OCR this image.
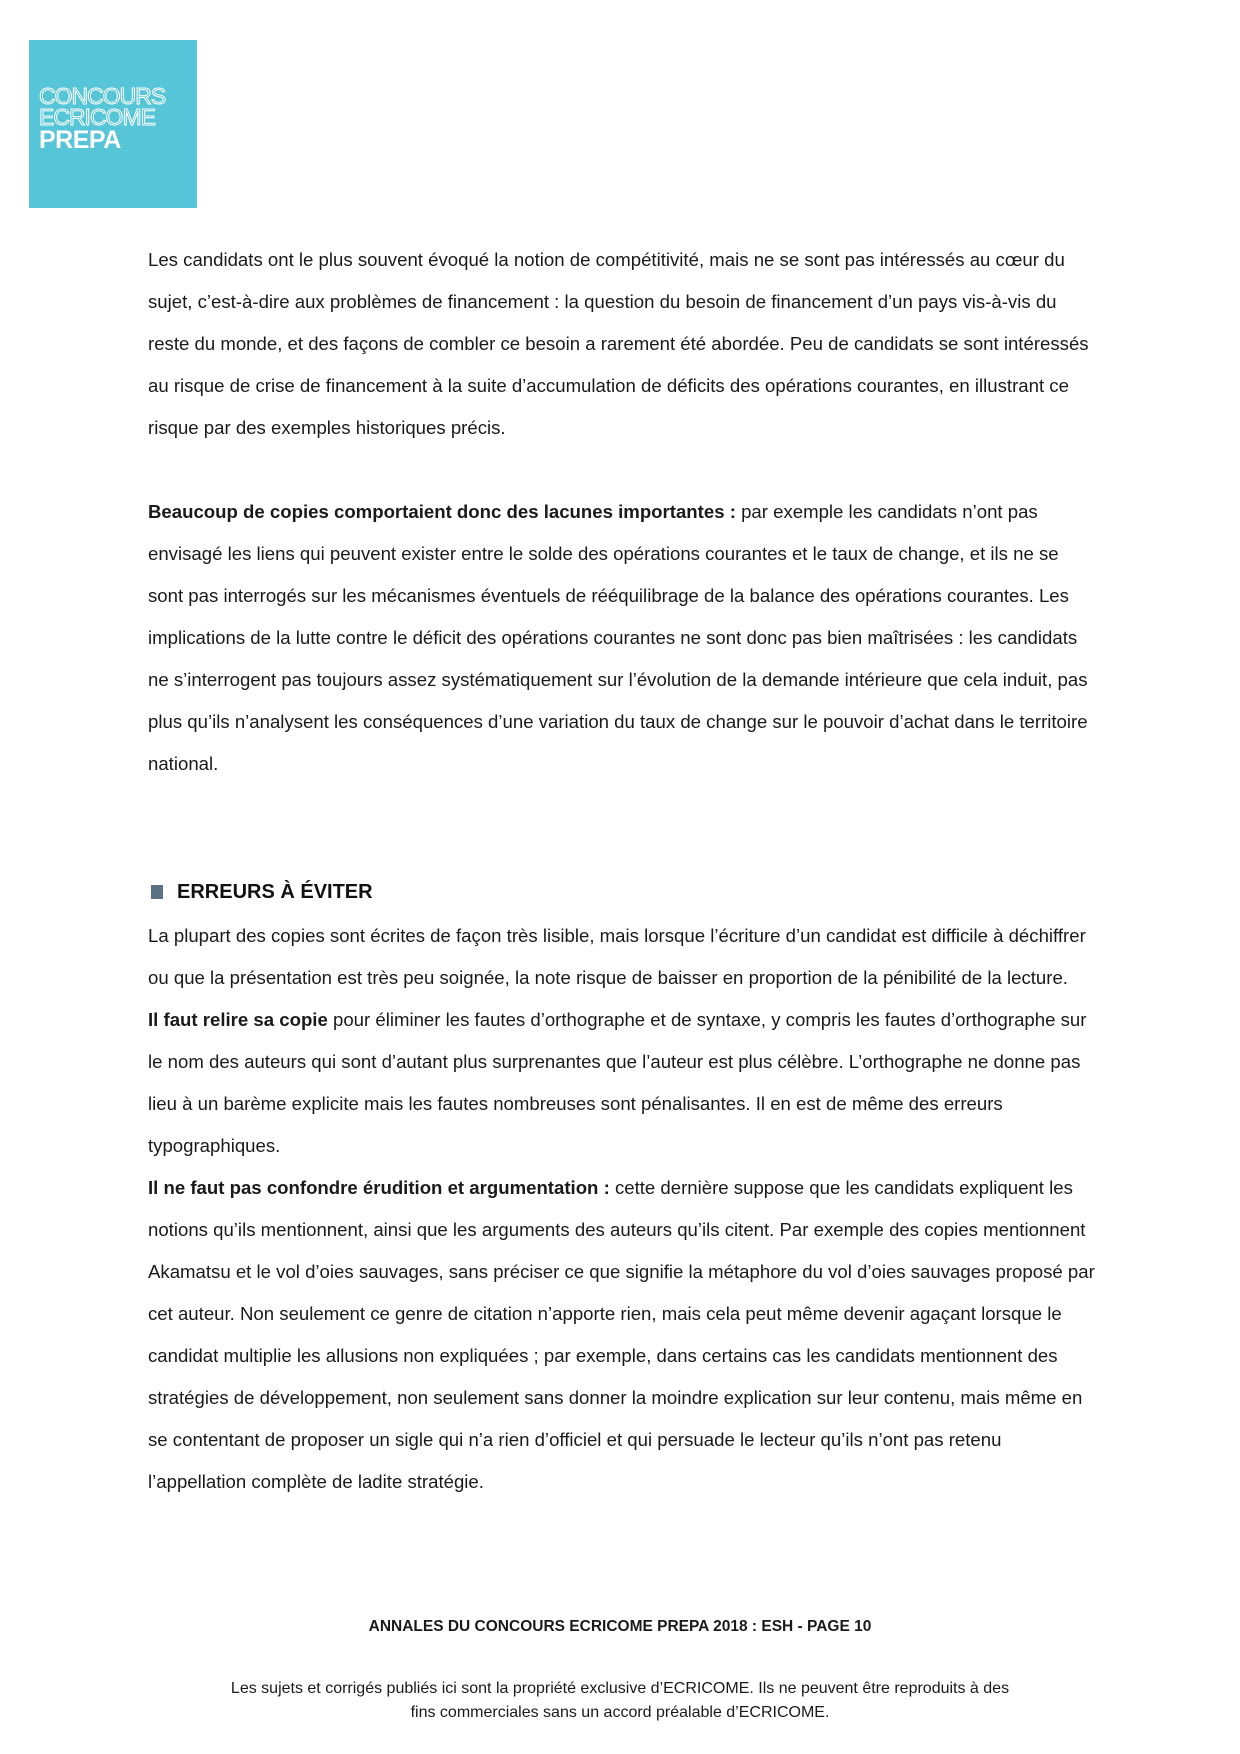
CONCOURS
ECRICOME
PREPA

Les candidats ont le plus souvent évoqué la notion de compétitivité, mais ne se sont pas intéressés au cœur du sujet, c’est-à-dire aux problèmes de financement : la question du besoin de financement d’un pays vis-à-vis du reste du monde, et des façons de combler ce besoin a rarement été abordée. Peu de candidats se sont intéressés au risque de crise de financement à la suite d’accumulation de déficits des opérations courantes, en illustrant ce risque par des exemples historiques précis.

Beaucoup de copies comportaient donc des lacunes importantes : par exemple les candidats n’ont pas envisagé les liens qui peuvent exister entre le solde des opérations courantes et le taux de change, et ils ne se sont pas interrogés sur les mécanismes éventuels de rééquilibrage de la balance des opérations courantes. Les implications de la lutte contre le déficit des opérations courantes ne sont donc pas bien maîtrisées : les candidats ne s’interrogent pas toujours assez systématiquement sur l’évolution de la demande intérieure que cela induit, pas plus qu’ils n’analysent les conséquences d’une variation du taux de change sur le pouvoir d’achat dans le territoire national.

ERREURS À ÉVITER

La plupart des copies sont écrites de façon très lisible, mais lorsque l’écriture d’un candidat est difficile à déchiffrer ou que la présentation est très peu soignée, la note risque de baisser en proportion de la pénibilité de la lecture.

Il faut relire sa copie pour éliminer les fautes d’orthographe et de syntaxe, y compris les fautes d’orthographe sur le nom des auteurs qui sont d’autant plus surprenantes que l’auteur est plus célèbre. L’orthographe ne donne pas lieu à un barème explicite mais les fautes nombreuses sont pénalisantes. Il en est de même des erreurs typographiques.

Il ne faut pas confondre érudition et argumentation : cette dernière suppose que les candidats expliquent les notions qu’ils mentionnent, ainsi que les arguments des auteurs qu’ils citent. Par exemple des copies mentionnent Akamatsu et le vol d’oies sauvages, sans préciser ce que signifie la métaphore du vol d’oies sauvages proposé par cet auteur. Non seulement ce genre de citation n’apporte rien, mais cela peut même devenir agaçant lorsque le candidat multiplie les allusions non expliquées ; par exemple, dans certains cas les candidats mentionnent des stratégies de développement, non seulement sans donner la moindre explication sur leur contenu, mais même en se contentant de proposer un sigle qui n’a rien d’officiel et qui persuade le lecteur qu’ils n’ont pas retenu l’appellation complète de ladite stratégie.

ANNALES DU CONCOURS ECRICOME PREPA 2018 : ESH - PAGE 10
Les sujets et corrigés publiés ici sont la propriété exclusive d’ECRICOME. Ils ne peuvent être reproduits à des
fins commerciales sans un accord préalable d’ECRICOME.
